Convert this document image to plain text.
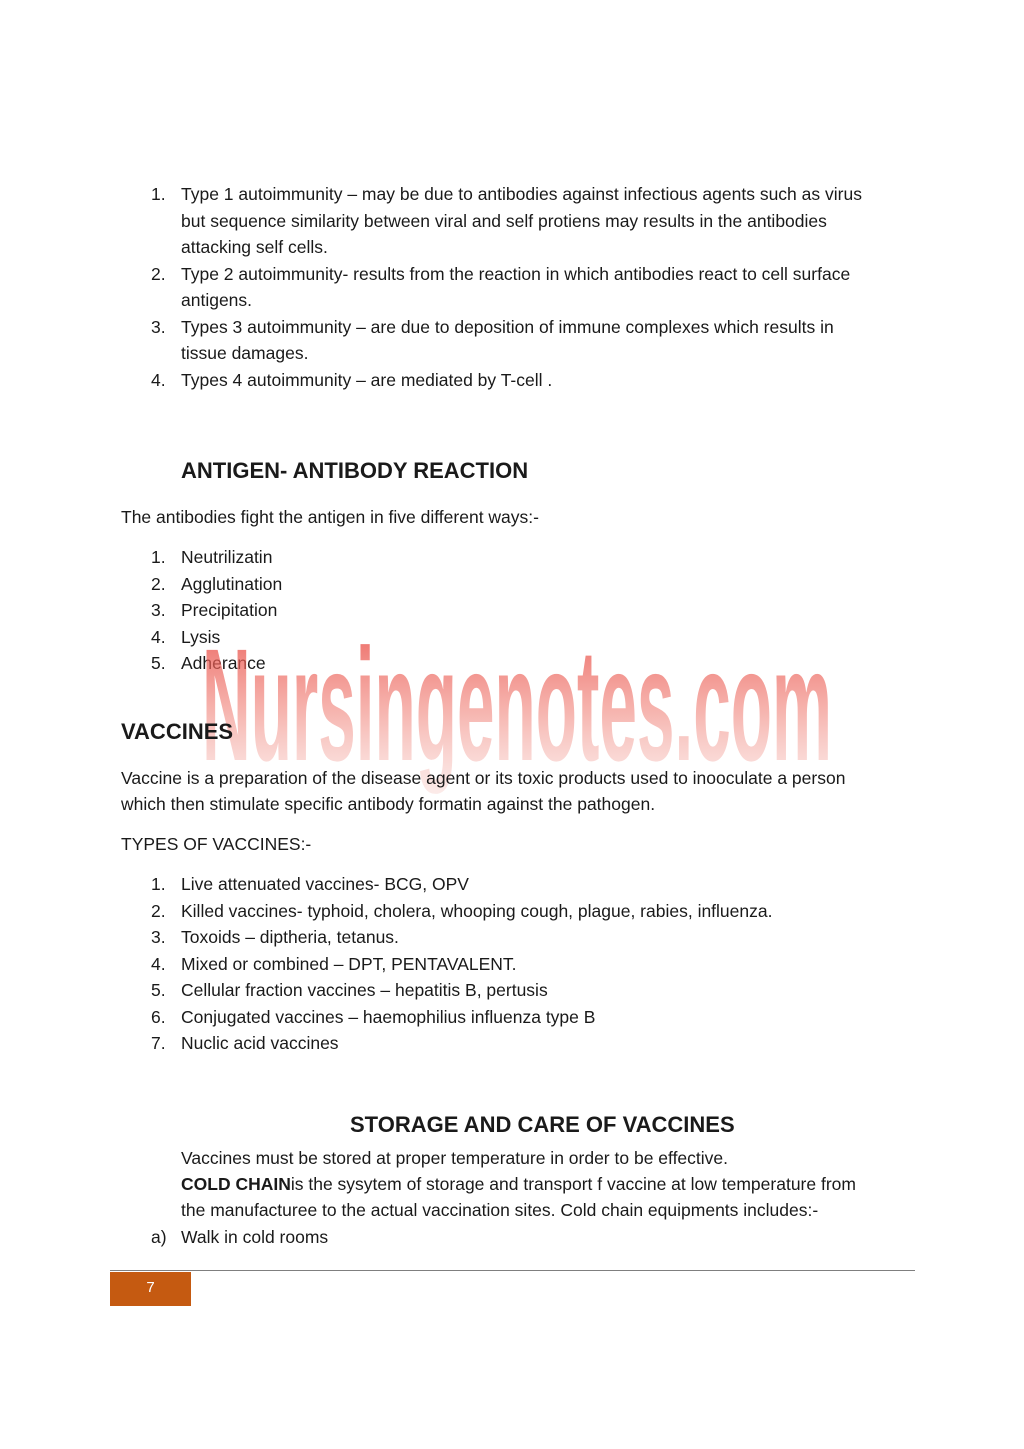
1. Type 1 autoimmunity – may be due to antibodies against infectious agents such as virus
but sequence similarity between viral and self protiens may results in the antibodies
attacking self cells.
2. Type 2 autoimmunity- results from the reaction in which antibodies react to cell surface
antigens.
3. Types 3 autoimmunity – are due to deposition of immune complexes which results in
tissue damages.
4. Types 4 autoimmunity – are mediated by T-cell .
ANTIGEN- ANTIBODY REACTION
The antibodies fight the antigen in five different ways:-
1. Neutrilizatin
2. Agglutination
3. Precipitation
4. Lysis
5. Adherance
Nursingenotes.com
VACCINES
Vaccine is a preparation of the disease agent or its toxic products used to inooculate a person
which then stimulate specific antibody formatin against the pathogen.
TYPES OF VACCINES:-
1. Live attenuated vaccines- BCG, OPV
2. Killed vaccines- typhoid, cholera, whooping cough, plague, rabies, influenza.
3. Toxoids – diptheria, tetanus.
4. Mixed or combined – DPT, PENTAVALENT.
5. Cellular fraction vaccines – hepatitis B, pertusis
6. Conjugated vaccines – haemophilius influenza type B
7. Nuclic acid vaccines
STORAGE AND CARE OF VACCINES
Vaccines must be stored at proper temperature in order to be effective.
COLD CHAINis the sysytem of storage and transport f vaccine at low temperature from
the manufacturee to the actual vaccination sites. Cold chain equipments includes:-
a) Walk in cold rooms
7
